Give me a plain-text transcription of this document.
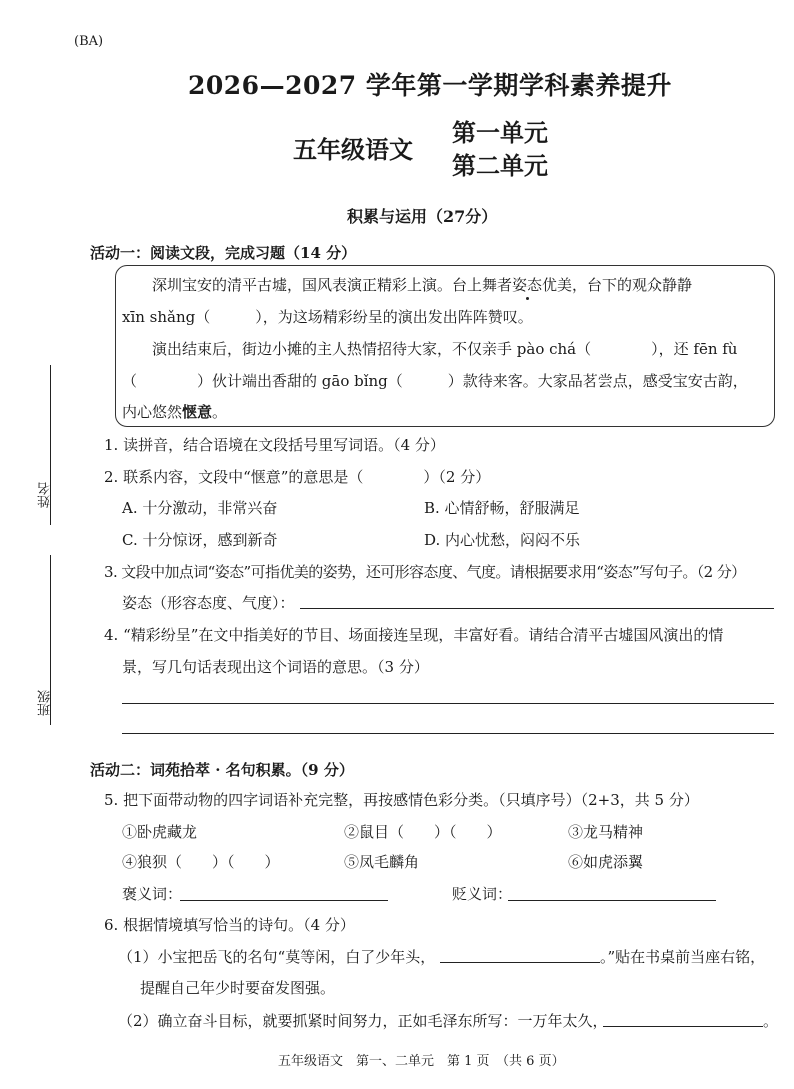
(BA)
2026—2027 学年第一学期学科素养提升
五年级语文
第一单元
第二单元
积累与运用（27分）
姓名
班级
活动一：阅读文段，完成习题（14 分）
深圳宝安的清平古墟，国风表演正精彩上演。台上舞者姿态优美，台下的观众静静
xīn shǎng（　　　），为这场精彩纷呈的演出发出阵阵赞叹。
演出结束后，街边小摊的主人热情招待大家，不仅亲手 pào chá（　　　　），还 fēn fù
（　　　　）伙计端出香甜的 gāo bǐng（　　　）款待来客。大家品茗尝点，感受宝安古韵，
内心悠然惬意。
1. 读拼音，结合语境在文段括号里写词语。（4 分）
2. 联系内容，文段中“惬意”的意思是（　　　　）（2 分）
A. 十分激动，非常兴奋	B. 心情舒畅，舒服满足
C. 十分惊讶，感到新奇	D. 内心忧愁，闷闷不乐
3. 文段中加点词“姿态”可指优美的姿势，还可形容态度、气度。请根据要求用“姿态”写句子。（2 分）
姿态（形容态度、气度）：
4. “精彩纷呈”在文中指美好的节目、场面接连呈现，丰富好看。请结合清平古墟国风演出的情
景，写几句话表现出这个词语的意思。（3 分）
活动二：词苑拾萃 · 名句积累。（9 分）
5. 把下面带动物的四字词语补充完整，再按感情色彩分类。（只填序号）（2+3，共 5 分）
①卧虎藏龙	②鼠目（　　）（　　）	③龙马精神
④狼狈（　　）（　　）	⑤凤毛麟角	⑥如虎添翼
褒义词：	贬义词：
6. 根据情境填写恰当的诗句。（4 分）
（1）小宝把岳飞的名句“莫等闲，白了少年头，	。”贴在书桌前当座右铭，
提醒自己年少时要奋发图强。
（2）确立奋斗目标，就要抓紧时间努力，正如毛泽东所写：一万年太久，	。
五年级语文　第一、二单元　第 1 页　（共 6 页）
